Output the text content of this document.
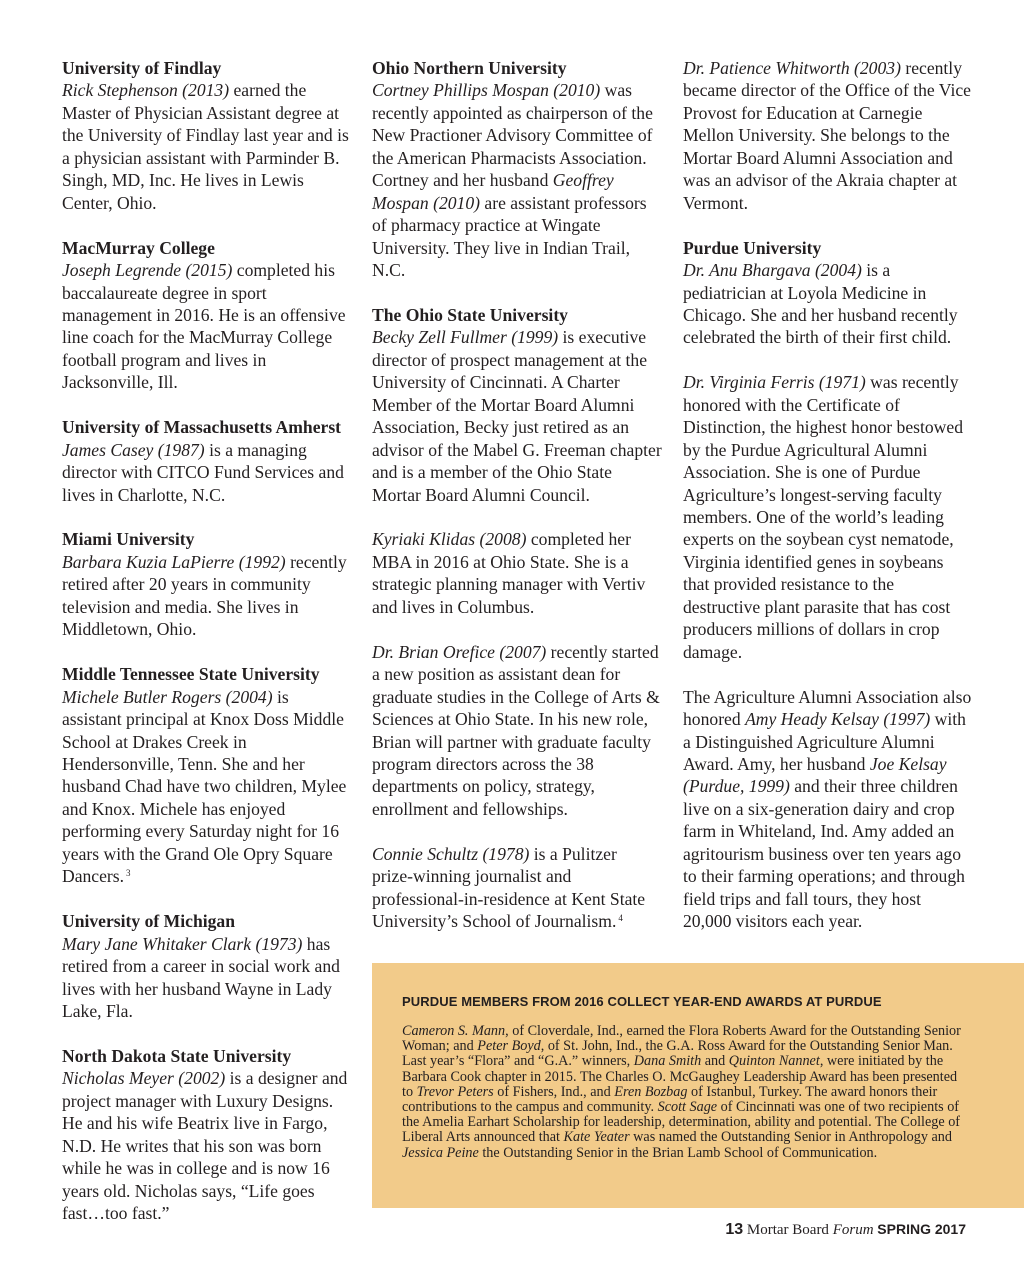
University of Findlay
Rick Stephenson (2013) earned the Master of Physician Assistant degree at the University of Findlay last year and is a physician assistant with Parminder B. Singh, MD, Inc. He lives in Lewis Center, Ohio.
MacMurray College
Joseph Legrende (2015) completed his baccalaureate degree in sport management in 2016. He is an offensive line coach for the MacMurray College football program and lives in Jacksonville, Ill.
University of Massachusetts Amherst
James Casey (1987) is a managing director with CITCO Fund Services and lives in Charlotte, N.C.
Miami University
Barbara Kuzia LaPierre (1992) recently retired after 20 years in community television and media. She lives in Middletown, Ohio.
Middle Tennessee State University
Michele Butler Rogers (2004) is assistant principal at Knox Doss Middle School at Drakes Creek in Hendersonville, Tenn. She and her husband Chad have two children, Mylee and Knox. Michele has enjoyed performing every Saturday night for 16 years with the Grand Ole Opry Square Dancers. $^3$
University of Michigan
Mary Jane Whitaker Clark (1973) has retired from a career in social work and lives with her husband Wayne in Lady Lake, Fla.
North Dakota State University
Nicholas Meyer (2002) is a designer and project manager with Luxury Designs. He and his wife Beatrix live in Fargo, N.D. He writes that his son was born while he was in college and is now 16 years old. Nicholas says, “Life goes fast…too fast.”
Ohio Northern University
Cortney Phillips Mospan (2010) was recently appointed as chairperson of the New Practioner Advisory Committee of the American Pharmacists Association. Cortney and her husband Geoffrey Mospan (2010) are assistant professors of pharmacy practice at Wingate University. They live in Indian Trail, N.C.
The Ohio State University
Becky Zell Fullmer (1999) is executive director of prospect management at the University of Cincinnati. A Charter Member of the Mortar Board Alumni Association, Becky just retired as an advisor of the Mabel G. Freeman chapter and is a member of the Ohio State Mortar Board Alumni Council.
Kyriaki Klidas (2008) completed her MBA in 2016 at Ohio State. She is a strategic planning manager with Vertiv and lives in Columbus.
Dr. Brian Orefice (2007) recently started a new position as assistant dean for graduate studies in the College of Arts & Sciences at Ohio State. In his new role, Brian will partner with graduate faculty program directors across the 38 departments on policy, strategy, enrollment and fellowships.
Connie Schultz (1978) is a Pulitzer prize-winning journalist and professional-in-residence at Kent State University’s School of Journalism. $^4$
Dr. Patience Whitworth (2003) recently became director of the Office of the Vice Provost for Education at Carnegie Mellon University. She belongs to the Mortar Board Alumni Association and was an advisor of the Akraia chapter at Vermont.
Purdue University
Dr. Anu Bhargava (2004) is a pediatrician at Loyola Medicine in Chicago. She and her husband recently celebrated the birth of their first child.
Dr. Virginia Ferris (1971) was recently honored with the Certificate of Distinction, the highest honor bestowed by the Purdue Agricultural Alumni Association. She is one of Purdue Agriculture’s longest-serving faculty members. One of the world’s leading experts on the soybean cyst nematode, Virginia identified genes in soybeans that provided resistance to the destructive plant parasite that has cost producers millions of dollars in crop damage.
The Agriculture Alumni Association also honored Amy Heady Kelsay (1997) with a Distinguished Agriculture Alumni Award. Amy, her husband Joe Kelsay (Purdue, 1999) and their three children live on a six-generation dairy and crop farm in Whiteland, Ind. Amy added an agritourism business over ten years ago to their farming operations; and through field trips and fall tours, they host 20,000 visitors each year.
PURDUE MEMBERS FROM 2016 COLLECT YEAR-END AWARDS AT PURDUE
Cameron S. Mann, of Cloverdale, Ind., earned the Flora Roberts Award for the Outstanding Senior Woman; and Peter Boyd, of St. John, Ind., the G.A. Ross Award for the Outstanding Senior Man. Last year’s “Flora” and “G.A.” winners, Dana Smith and Quinton Nannet, were initiated by the Barbara Cook chapter in 2015. The Charles O. McGaughey Leadership Award has been presented to Trevor Peters of Fishers, Ind., and Eren Bozbag of Istanbul, Turkey. The award honors their contributions to the campus and community. Scott Sage of Cincinnati was one of two recipients of the Amelia Earhart Scholarship for leadership, determination, ability and potential. The College of Liberal Arts announced that Kate Yeater was named the Outstanding Senior in Anthropology and Jessica Peine the Outstanding Senior in the Brian Lamb School of Communication.
13 Mortar Board Forum SPRING 2017
